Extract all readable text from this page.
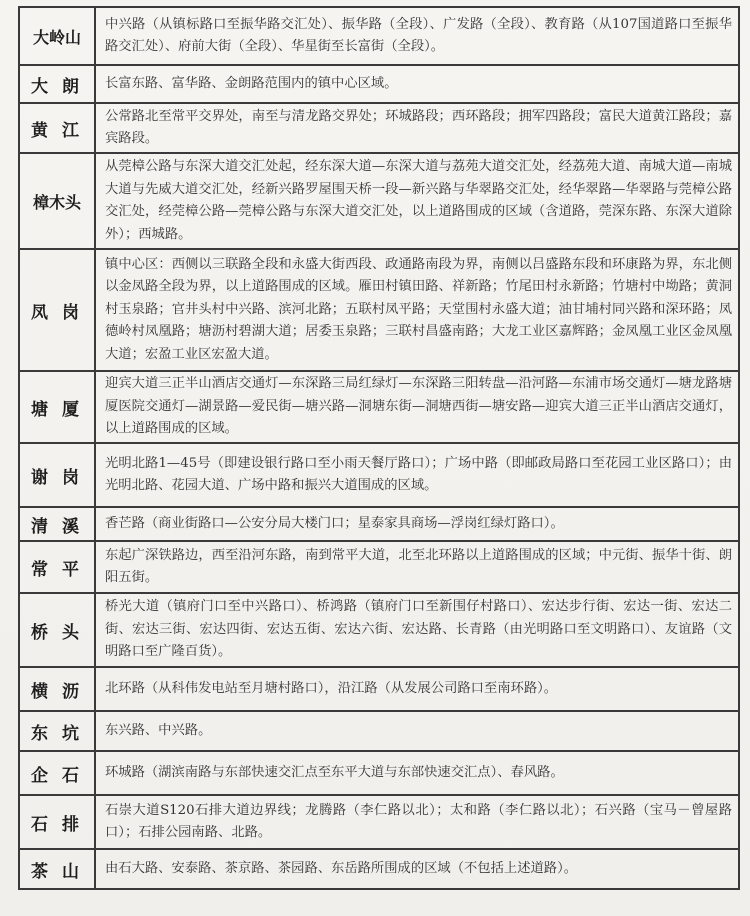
大岭山	中兴路（从镇标路口至振华路交汇处）、振华路（全段）、广发路（全段）、教育路（从107国道路口至振华路交汇处）、府前大街（全段）、华星街至长富街（全段）。
大 朗	长富东路、富华路、金朗路范围内的镇中心区域。
黄 江	公常路北至常平交界处，南至与清龙路交界处；环城路段；西环路段；拥军四路段；富民大道黄江路段；嘉宾路段。
樟木头	从莞樟公路与东深大道交汇处起，经东深大道—东深大道与荔苑大道交汇处，经荔苑大道、南城大道—南城大道与先威大道交汇处，经新兴路罗屋围天桥一段—新兴路与华翠路交汇处，经华翠路—华翠路与莞樟公路交汇处，经莞樟公路—莞樟公路与东深大道交汇处，以上道路围成的区域（含道路，莞深东路、东深大道除外）；西城路。
凤 岗	镇中心区：西侧以三联路全段和永盛大街西段、政通路南段为界，南侧以吕盛路东段和环康路为界，东北侧以金凤路全段为界，以上道路围成的区域。雁田村镇田路、祥新路；竹尾田村永新路；竹塘村中坳路；黄洞村玉泉路；官井头村中兴路、滨河北路；五联村凤平路；天堂围村永盛大道；油甘埔村同兴路和深环路；凤德岭村凤凰路；塘沥村碧湖大道；居委玉泉路；三联村昌盛南路；大龙工业区嘉辉路；金凤凰工业区金凤凰大道；宏盈工业区宏盈大道。
塘 厦	迎宾大道三正半山酒店交通灯—东深路三局红绿灯—东深路三阳转盘—沿河路—东浦市场交通灯—塘龙路塘厦医院交通灯—湖景路—爱民街—塘兴路—洞塘东街—洞塘西街—塘安路—迎宾大道三正半山酒店交通灯，以上道路围成的区域。
谢 岗	光明北路1—45号（即建设银行路口至小雨天餐厅路口）；广场中路（即邮政局路口至花园工业区路口）；由光明北路、花园大道、广场中路和振兴大道围成的区域。
清 溪	香芒路（商业街路口—公安分局大楼门口；星泰家具商场—浮岗红绿灯路口）。
常 平	东起广深铁路边，西至沿河东路，南到常平大道，北至北环路以上道路围成的区域；中元街、振华十街、朗阳五街。
桥 头	桥光大道（镇府门口至中兴路口）、桥鸿路（镇府门口至新围仔村路口）、宏达步行街、宏达一街、宏达二街、宏达三街、宏达四街、宏达五街、宏达六街、宏达路、长青路（由光明路口至文明路口）、友谊路（文明路口至广隆百货）。
横 沥	北环路（从科伟发电站至月塘村路口），沿江路（从发展公司路口至南环路）。
东 坑	东兴路、中兴路。
企 石	环城路（湖滨南路与东部快速交汇点至东平大道与东部快速交汇点）、春风路。
石 排	石崇大道S120石排大道边界线；龙腾路（李仁路以北）；太和路（李仁路以北）；石兴路（宝马－曾屋路口）；石排公园南路、北路。
茶 山	由石大路、安泰路、茶京路、茶园路、东岳路所围成的区域（不包括上述道路）。
